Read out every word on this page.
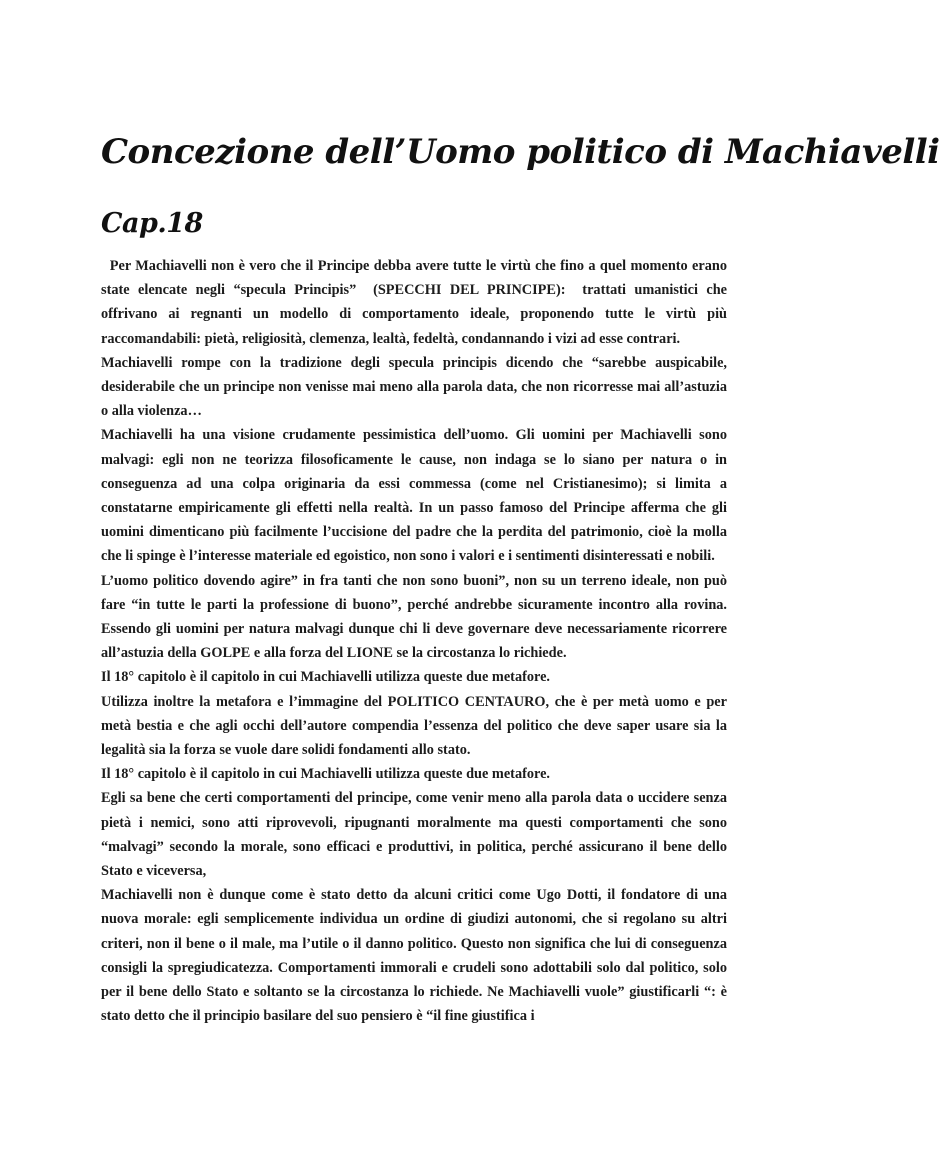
Concezione dell’Uomo politico di Machiavelli
Cap.18

Per Machiavelli non è vero che il Principe debba avere tutte le virtù che fino a quel momento erano state elencate negli “specula Principis”  (SPECCHI DEL PRINCIPE):  trattati umanistici che offrivano ai regnanti un modello di comportamento ideale, proponendo tutte le virtù più raccomandabili: pietà, religiosità, clemenza, lealtà, fedeltà, condannando i vizi ad esse contrari.

Machiavelli rompe con la tradizione degli specula principis dicendo che “sarebbe auspicabile, desiderabile che un principe non venisse mai meno alla parola data, che non ricorresse mai all’astuzia o alla violenza…

Machiavelli ha una visione crudamente pessimistica dell’uomo. Gli uomini per Machiavelli sono malvagi: egli non ne teorizza filosoficamente le cause, non indaga se lo siano per natura o in conseguenza ad una colpa originaria da essi commessa (come nel Cristianesimo); si limita a constatarne empiricamente gli effetti nella realtà. In un passo famoso del Principe afferma che gli uomini dimenticano più facilmente l’uccisione del padre che la perdita del patrimonio, cioè la molla che li spinge è l’interesse materiale ed egoistico, non sono i valori e i sentimenti disinteressati e nobili.

L’uomo politico dovendo agire” in fra tanti che non sono buoni”, non su un terreno ideale, non può fare “in tutte le parti la professione di buono”, perché andrebbe sicuramente incontro alla rovina. Essendo gli uomini per natura malvagi dunque chi li deve governare deve necessariamente ricorrere all’astuzia della GOLPE e alla forza del LIONE se la circostanza lo richiede.

Il 18° capitolo è il capitolo in cui Machiavelli utilizza queste due metafore.

Utilizza inoltre la metafora e l’immagine del POLITICO CENTAURO, che è per metà uomo e per metà bestia e che agli occhi dell’autore compendia l’essenza del politico che deve saper usare sia la legalità sia la forza se vuole dare solidi fondamenti allo stato.

Il 18° capitolo è il capitolo in cui Machiavelli utilizza queste due metafore.

Egli sa bene che certi comportamenti del principe, come venir meno alla parola data o uccidere senza pietà i nemici, sono atti riprovevoli, ripugnanti moralmente ma questi comportamenti che sono “malvagi” secondo la morale, sono efficaci e produttivi, in politica, perché assicurano il bene dello Stato e viceversa,

Machiavelli non è dunque come è stato detto da alcuni critici come Ugo Dotti, il fondatore di una nuova morale: egli semplicemente individua un ordine di giudizi autonomi, che si regolano su altri criteri, non il bene o il male, ma l’utile o il danno politico. Questo non significa che lui di conseguenza consigli la spregiudicatezza. Comportamenti immorali e crudeli sono adottabili solo dal politico, solo per il bene dello Stato e soltanto se la circostanza lo richiede. Ne Machiavelli vuole” giustificarli “: è stato detto che il principio basilare del suo pensiero è “il fine giustifica i
